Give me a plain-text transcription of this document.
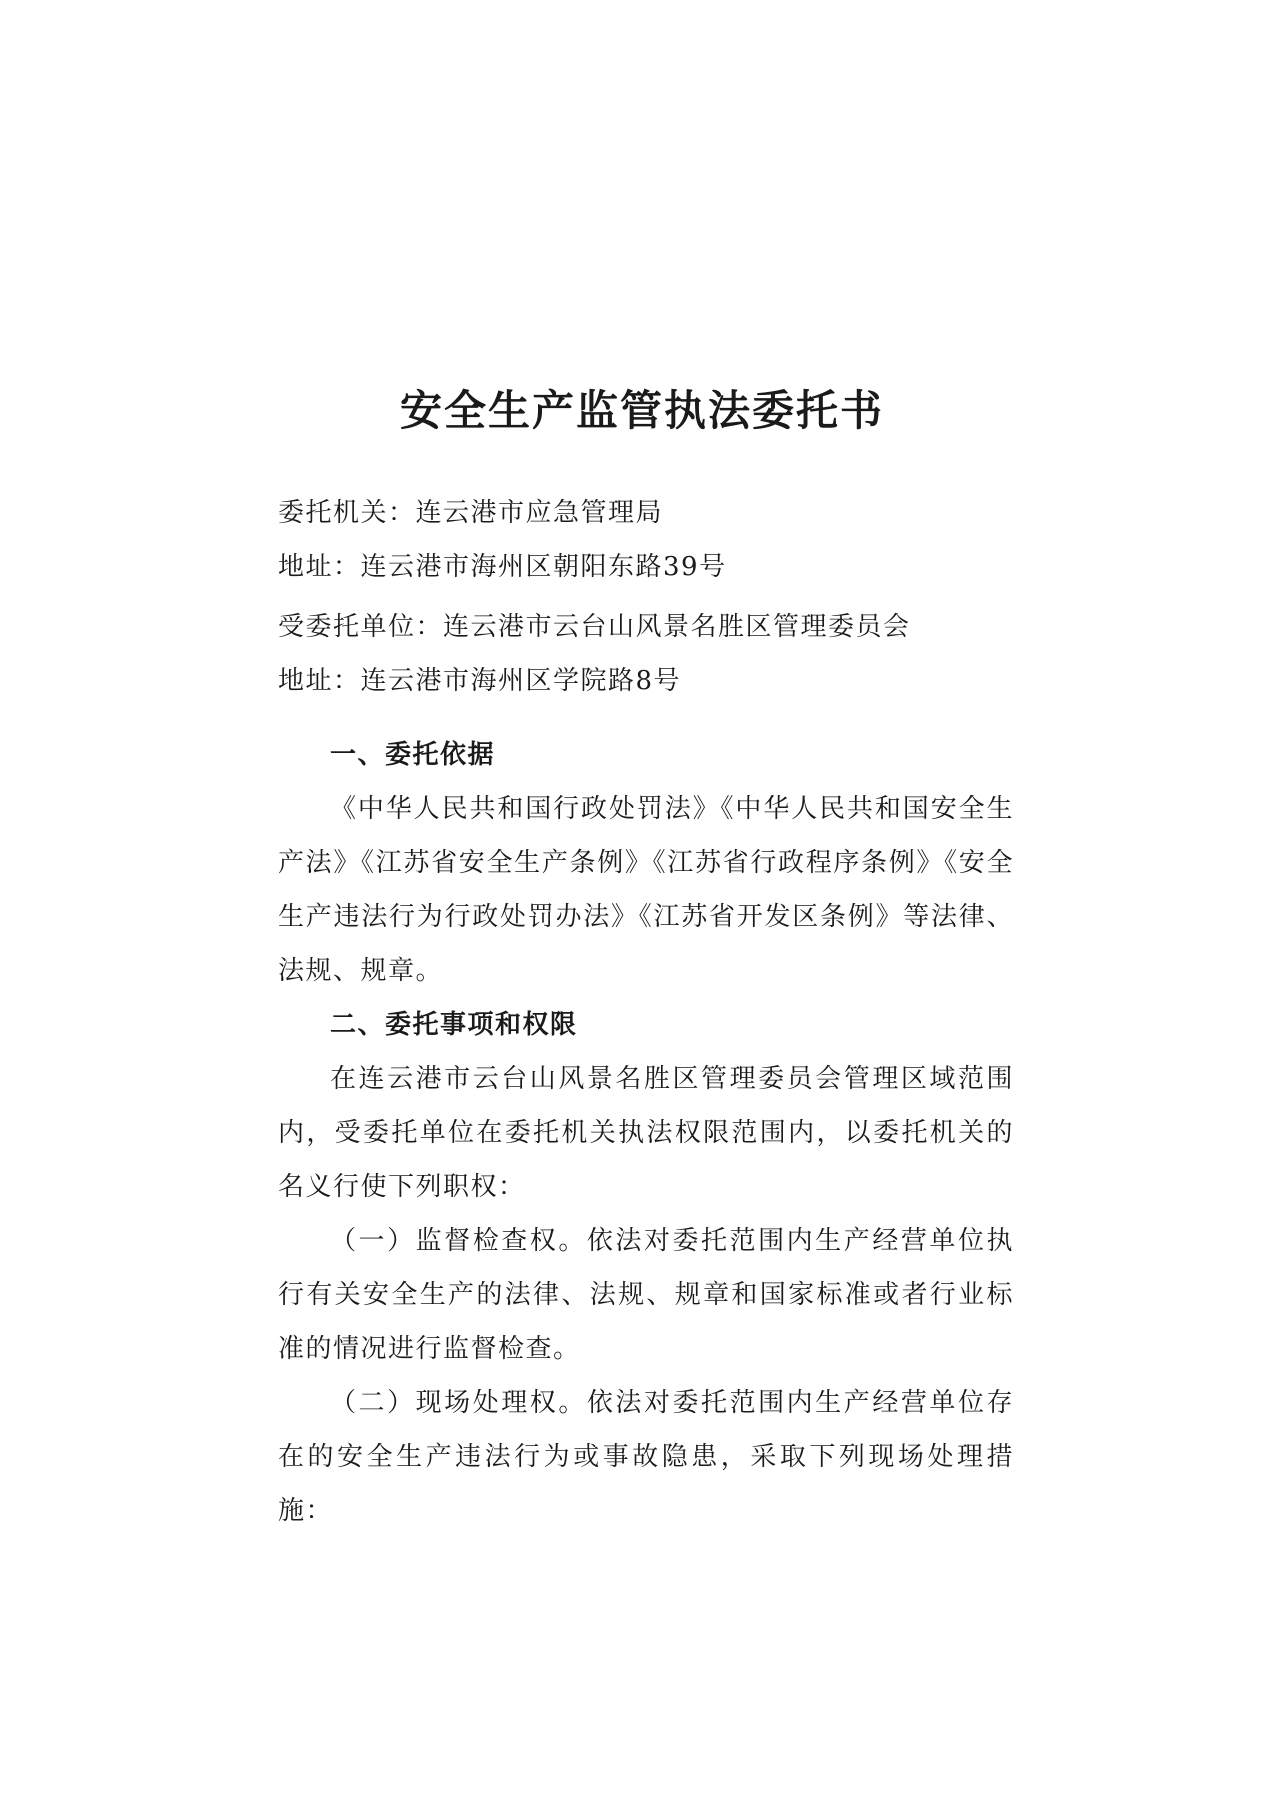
安全生产监管执法委托书
委托机关：连云港市应急管理局
地址：连云港市海州区朝阳东路39号
受委托单位：连云港市云台山风景名胜区管理委员会
地址：连云港市海州区学院路8号

一、委托依据

《中华人民共和国行政处罚法》《中华人民共和国安全生产法》《江苏省安全生产条例》《江苏省行政程序条例》《安全生产违法行为行政处罚办法》《江苏省开发区条例》等法律、法规、规章。

二、委托事项和权限

在连云港市云台山风景名胜区管理委员会管理区域范围内，受委托单位在委托机关执法权限范围内，以委托机关的名义行使下列职权：

（一）监督检查权。依法对委托范围内生产经营单位执行有关安全生产的法律、法规、规章和国家标准或者行业标准的情况进行监督检查。

（二）现场处理权。依法对委托范围内生产经营单位存在的安全生产违法行为或事故隐患，采取下列现场处理措施：
